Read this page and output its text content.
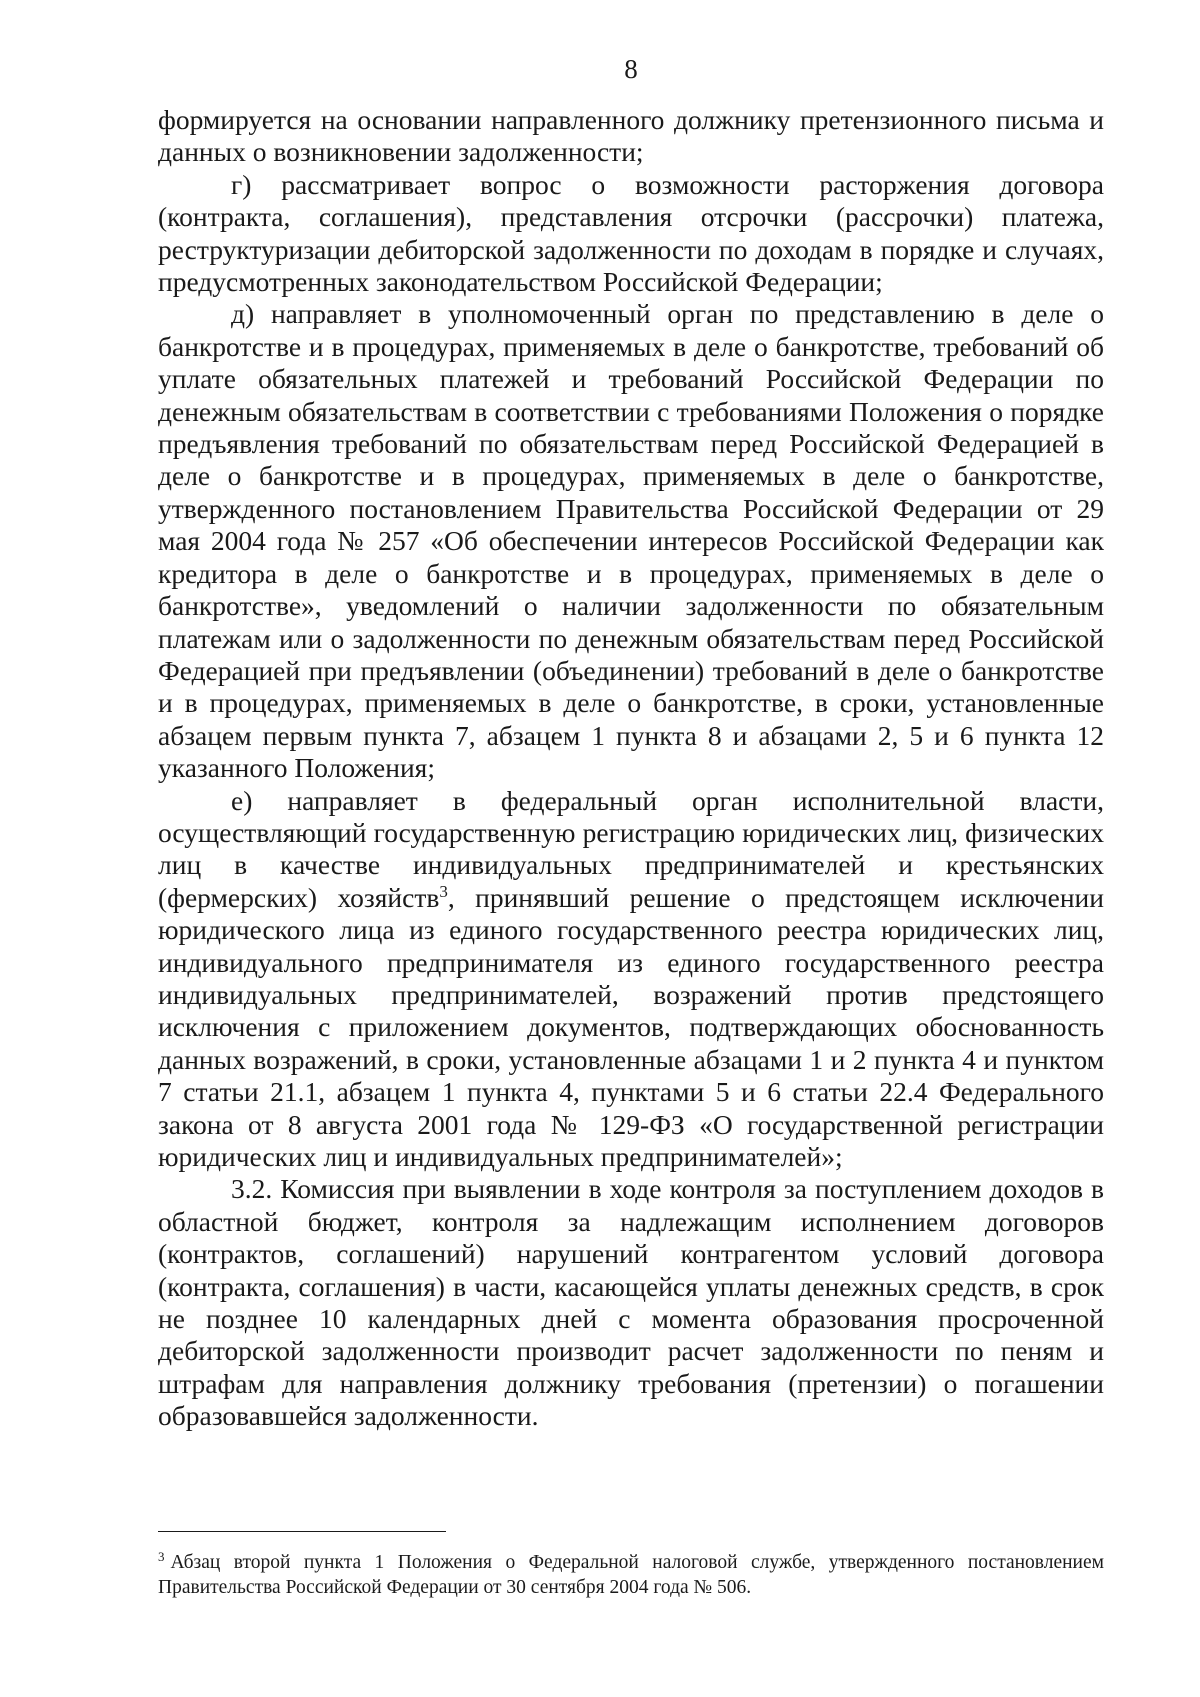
8

формируется на основании направленного должнику претензионного письма и данных о возникновении задолженности;

г) рассматривает вопрос о возможности расторжения договора (контракта, соглашения), представления отсрочки (рассрочки) платежа, реструктуризации дебиторской задолженности по доходам в порядке и случаях, предусмотренных законодательством Российской Федерации;

д) направляет в уполномоченный орган по представлению в деле о банкротстве и в процедурах, применяемых в деле о банкротстве, требований об уплате обязательных платежей и требований Российской Федерации по денежным обязательствам в соответствии с требованиями Положения о порядке предъявления требований по обязательствам перед Российской Федерацией в деле о банкротстве и в процедурах, применяемых в деле о банкротстве, утвержденного постановлением Правительства Российской Федерации от 29 мая 2004 года № 257 «Об обеспечении интересов Российской Федерации как кредитора в деле о банкротстве и в процедурах, применяемых в деле о банкротстве», уведомлений о наличии задолженности по обязательным платежам или о задолженности по денежным обязательствам перед Российской Федерацией при предъявлении (объединении) требований в деле о банкротстве и в процедурах, применяемых в деле о банкротстве, в сроки, установленные абзацем первым пункта 7, абзацем 1 пункта 8 и абзацами 2, 5 и 6 пункта 12 указанного Положения;

е) направляет в федеральный орган исполнительной власти, осуществляющий государственную регистрацию юридических лиц, физических лиц в качестве индивидуальных предпринимателей и крестьянских (фермерских) хозяйств$^3$, принявший решение о предстоящем исключении юридического лица из единого государственного реестра юридических лиц, индивидуального предпринимателя из единого государственного реестра индивидуальных предпринимателей, возражений против предстоящего исключения с приложением документов, подтверждающих обоснованность данных возражений, в сроки, установленные абзацами 1 и 2 пункта 4 и пунктом 7 статьи 21.1, абзацем 1 пункта 4, пунктами 5 и 6 статьи 22.4 Федерального закона от 8 августа 2001 года № 129-ФЗ «О государственной регистрации юридических лиц и индивидуальных предпринимателей»;

3.2. Комиссия при выявлении в ходе контроля за поступлением доходов в областной бюджет, контроля за надлежащим исполнением договоров (контрактов, соглашений) нарушений контрагентом условий договора (контракта, соглашения) в части, касающейся уплаты денежных средств, в срок не позднее 10 календарных дней с момента образования просроченной дебиторской задолженности производит расчет задолженности по пеням и штрафам для направления должнику требования (претензии) о погашении образовавшейся задолженности.

$^3$ Абзац второй пункта 1 Положения о Федеральной налоговой службе, утвержденного постановлением Правительства Российской Федерации от 30 сентября 2004 года № 506.
